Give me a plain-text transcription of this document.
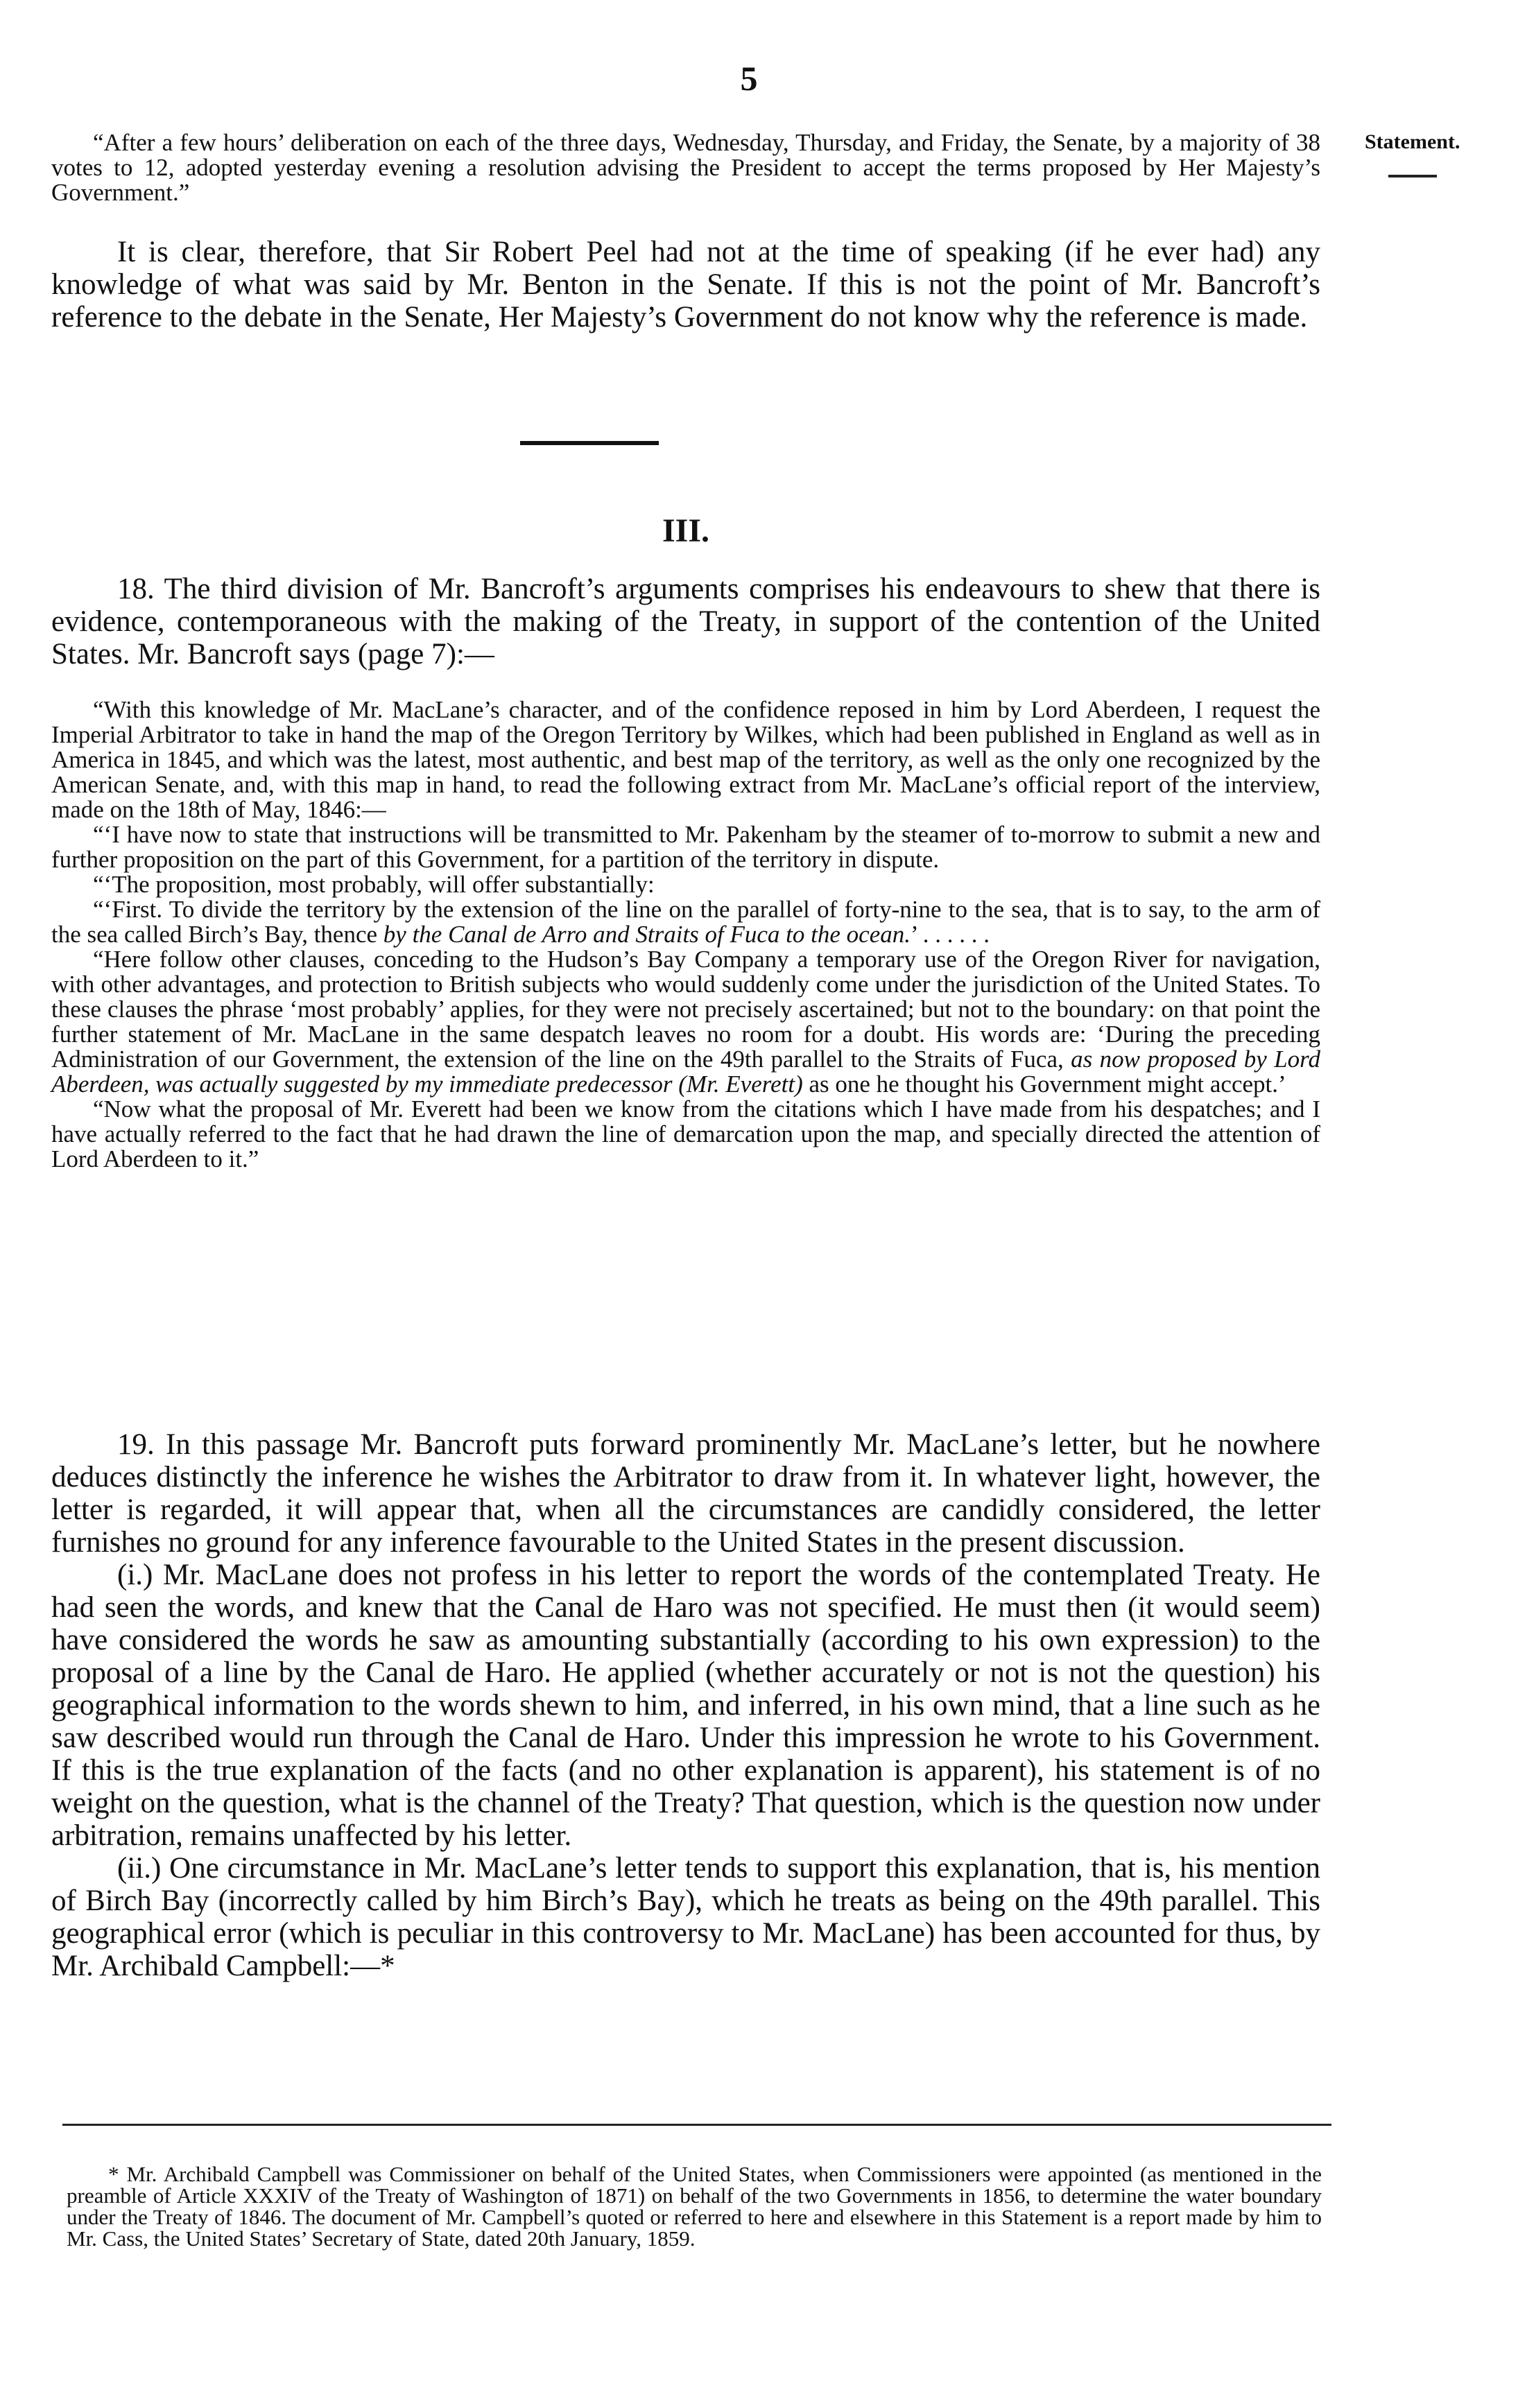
5
Statement.

“After a few hours’ deliberation on each of the three days, Wednesday, Thursday, and Friday, the Senate, by a majority of 38 votes to 12, adopted yesterday evening a resolution advising the President to accept the terms proposed by Her Majesty’s Government.”

It is clear, therefore, that Sir Robert Peel had not at the time of speaking (if he ever had) any knowledge of what was said by Mr. Benton in the Senate. If this is not the point of Mr. Bancroft’s reference to the debate in the Senate, Her Majesty’s Government do not know why the reference is made.

III.

18. The third division of Mr. Bancroft’s arguments comprises his endeavours to shew that there is evidence, contemporaneous with the making of the Treaty, in support of the contention of the United States. Mr. Bancroft says (page 7):—

“With this knowledge of Mr. MacLane’s character, and of the confidence reposed in him by Lord Aberdeen, I request the Imperial Arbitrator to take in hand the map of the Oregon Territory by Wilkes, which had been published in England as well as in America in 1845, and which was the latest, most authentic, and best map of the territory, as well as the only one recognized by the American Senate, and, with this map in hand, to read the following extract from Mr. MacLane’s official report of the interview, made on the 18th of May, 1846:—

“‘I have now to state that instructions will be transmitted to Mr. Pakenham by the steamer of to-morrow to submit a new and further proposition on the part of this Government, for a partition of the territory in dispute.

“‘The proposition, most probably, will offer substantially:

“‘First. To divide the territory by the extension of the line on the parallel of forty-nine to the sea, that is to say, to the arm of the sea called Birch’s Bay, thence by the Canal de Arro and Straits of Fuca to the ocean.’ . . . . . .

“Here follow other clauses, conceding to the Hudson’s Bay Company a temporary use of the Oregon River for navigation, with other advantages, and protection to British subjects who would suddenly come under the jurisdiction of the United States. To these clauses the phrase ‘most probably’ applies, for they were not precisely ascertained; but not to the boundary: on that point the further statement of Mr. MacLane in the same despatch leaves no room for a doubt. His words are: ‘During the preceding Administration of our Government, the extension of the line on the 49th parallel to the Straits of Fuca, as now proposed by Lord Aberdeen, was actually suggested by my immediate predecessor (Mr. Everett) as one he thought his Government might accept.’

“Now what the proposal of Mr. Everett had been we know from the citations which I have made from his despatches; and I have actually referred to the fact that he had drawn the line of demarcation upon the map, and specially directed the attention of Lord Aberdeen to it.”

19. In this passage Mr. Bancroft puts forward prominently Mr. MacLane’s letter, but he nowhere deduces distinctly the inference he wishes the Arbitrator to draw from it. In whatever light, however, the letter is regarded, it will appear that, when all the circumstances are candidly considered, the letter furnishes no ground for any inference favourable to the United States in the present discussion.

(i.) Mr. MacLane does not profess in his letter to report the words of the contemplated Treaty. He had seen the words, and knew that the Canal de Haro was not specified. He must then (it would seem) have considered the words he saw as amounting substantially (according to his own expression) to the proposal of a line by the Canal de Haro. He applied (whether accurately or not is not the question) his geographical information to the words shewn to him, and inferred, in his own mind, that a line such as he saw described would run through the Canal de Haro. Under this impression he wrote to his Government. If this is the true explanation of the facts (and no other explanation is apparent), his statement is of no weight on the question, what is the channel of the Treaty? That question, which is the question now under arbitration, remains unaffected by his letter.

(ii.) One circumstance in Mr. MacLane’s letter tends to support this explanation, that is, his mention of Birch Bay (incorrectly called by him Birch’s Bay), which he treats as being on the 49th parallel. This geographical error (which is peculiar in this controversy to Mr. MacLane) has been accounted for thus, by Mr. Archibald Campbell:—*

* Mr. Archibald Campbell was Commissioner on behalf of the United States, when Commissioners were appointed (as mentioned in the preamble of Article XXXIV of the Treaty of Washington of 1871) on behalf of the two Governments in 1856, to determine the water boundary under the Treaty of 1846. The document of Mr. Campbell’s quoted or referred to here and elsewhere in this Statement is a report made by him to Mr. Cass, the United States’ Secretary of State, dated 20th January, 1859.
